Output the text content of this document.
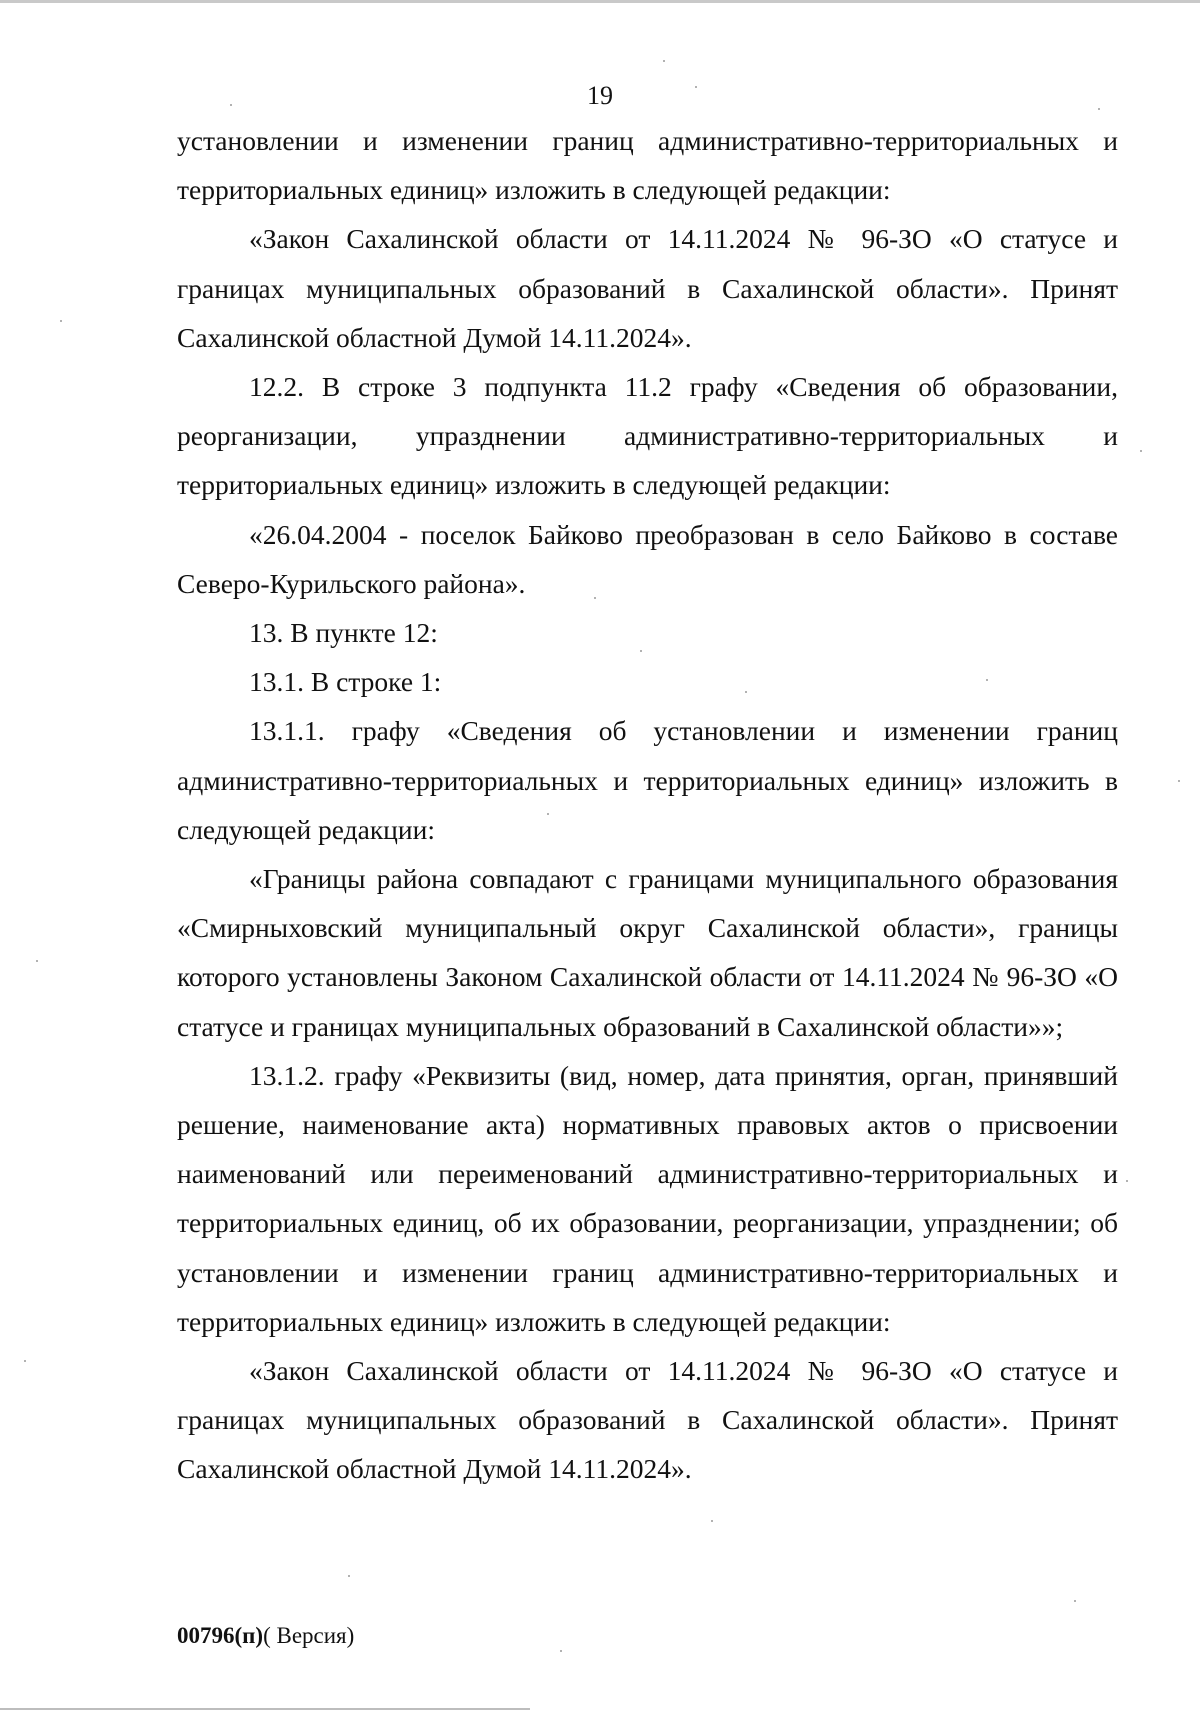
19

установлении и изменении границ административно-территориальных и территориальных единиц» изложить в следующей редакции:

«Закон Сахалинской области от 14.11.2024 № 96-ЗО «О статусе и границах муниципальных образований в Сахалинской области». Принят Сахалинской областной Думой 14.11.2024».

12.2. В строке 3 подпункта 11.2 графу «Сведения об образовании, реорганизации, упразднении административно-территориальных и территориальных единиц» изложить в следующей редакции:

«26.04.2004 - поселок Байково преобразован в село Байково в составе Северо-Курильского района».

13. В пункте 12:

13.1. В строке 1:

13.1.1. графу «Сведения об установлении и изменении границ административно-территориальных и территориальных единиц» изложить в следующей редакции:

«Границы района совпадают с границами муниципального образования «Смирныховский муниципальный округ Сахалинской области», границы которого установлены Законом Сахалинской области от 14.11.2024 № 96-ЗО «О статусе и границах муниципальных образований в Сахалинской области»»;

13.1.2. графу «Реквизиты (вид, номер, дата принятия, орган, принявший решение, наименование акта) нормативных правовых актов о присвоении наименований или переименований административно-территориальных и территориальных единиц, об их образовании, реорганизации, упразднении; об установлении и изменении границ административно-территориальных и территориальных единиц» изложить в следующей редакции:

«Закон Сахалинской области от 14.11.2024 № 96-ЗО «О статусе и границах муниципальных образований в Сахалинской области». Принят Сахалинской областной Думой 14.11.2024».

00796(п)( Версия)
